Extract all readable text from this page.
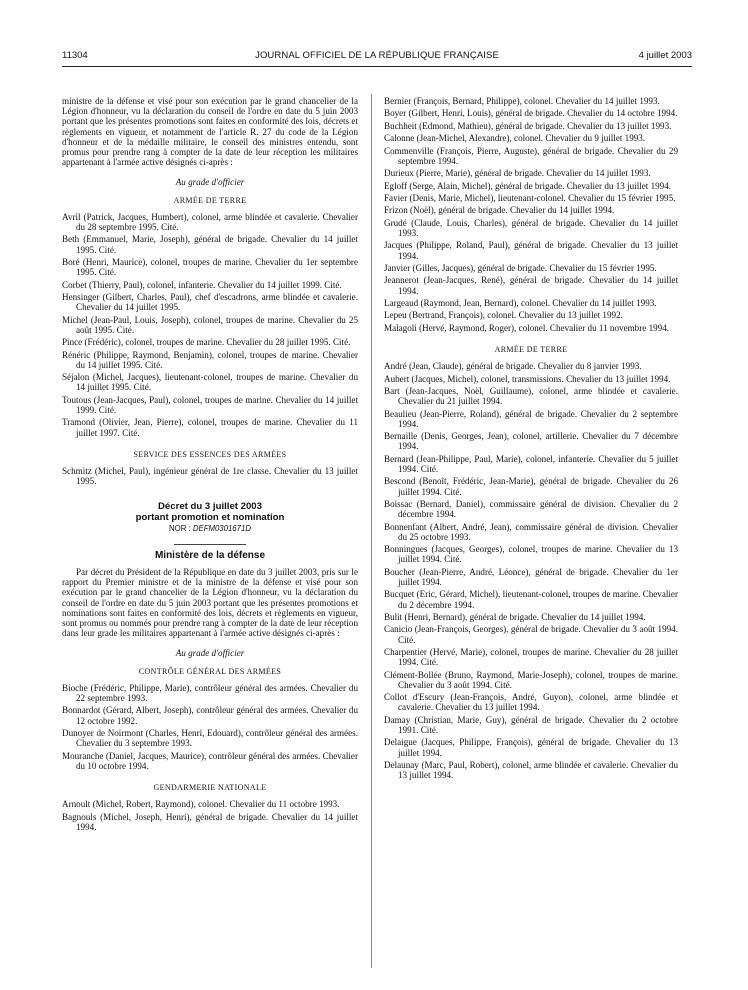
11304	JOURNAL OFFICIEL DE LA RÉPUBLIQUE FRANÇAISE	4 juillet 2003

ministre de la défense et visé pour son exécution par le grand chancelier de la Légion d'honneur, vu la déclaration du conseil de l'ordre en date du 5 juin 2003 portant que les présentes promotions sont faites en conformité des lois, décrets et règlements en vigueur, et notamment de l'article R. 27 du code de la Légion d'honneur et de la médaille militaire, le conseil des ministres entendu, sont promus pour prendre rang à compter de la date de leur réception les militaires appartenant à l'armée active désignés ci-après :

Au grade d'officier

ARMÉE DE TERRE

Avril (Patrick, Jacques, Humbert), colonel, arme blindée et cavalerie. Chevalier du 28 septembre 1995. Cité.

Beth (Emmanuel, Marie, Joseph), général de brigade. Chevalier du 14 juillet 1995. Cité.

Boré (Henri, Maurice), colonel, troupes de marine. Chevalier du 1er septembre 1995. Cité.

Corbet (Thierry, Paul), colonel, infanterie. Chevalier du 14 juillet 1999. Cité.

Hensinger (Gilbert, Charles, Paul), chef d'escadrons, arme blindée et cavalerie. Chevalier du 14 juillet 1995.

Michel (Jean-Paul, Louis, Joseph), colonel, troupes de marine. Chevalier du 25 août 1995. Cité.

Pince (Frédéric), colonel, troupes de marine. Chevalier du 28 juillet 1995. Cité.

Rénéric (Philippe, Raymond, Benjamin), colonel, troupes de marine. Chevalier du 14 juillet 1995. Cité.

Séjalon (Michel, Jacques), lieutenant-colonel, troupes de marine. Chevalier du 14 juillet 1995. Cité.

Toutous (Jean-Jacques, Paul), colonel, troupes de marine. Chevalier du 14 juillet 1999. Cité.

Tramond (Olivier, Jean, Pierre), colonel, troupes de marine. Chevalier du 11 juillet 1997. Cité.

SERVICE DES ESSENCES DES ARMÉES

Schmitz (Michel, Paul), ingénieur général de 1re classe. Chevalier du 13 juillet 1995.

Décret du 3 juillet 2003
portant promotion et nomination

NOR : DEFM0301671D

Ministère de la défense

Par décret du Président de la République en date du 3 juillet 2003, pris sur le rapport du Premier ministre et de la ministre de la défense et visé pour son exécution par le grand chancelier de la Légion d'honneur, vu la déclaration du conseil de l'ordre en date du 5 juin 2003 portant que les présentes promotions et nominations sont faites en conformité des lois, décrets et règlements en vigueur, sont promus ou nommés pour prendre rang à compter de la date de leur réception dans leur grade les militaires appartenant à l'armée active désignés ci-après :

Au grade d'officier

CONTRÔLE GÉNÉRAL DES ARMÉES

Bioche (Frédéric, Philippe, Marie), contrôleur général des armées. Chevalier du 22 septembre 1993.

Bonnardot (Gérard, Albert, Joseph), contrôleur général des armées. Chevalier du 12 octobre 1992.

Dunoyer de Noirmont (Charles, Henri, Edouard), contrôleur général des armées. Chevalier du 3 septembre 1993.

Mouranche (Daniel, Jacques, Maurice), contrôleur général des armées. Chevalier du 10 octobre 1994.

GENDARMERIE NATIONALE

Arnoult (Michel, Robert, Raymond), colonel. Chevalier du 11 octobre 1993.

Bagnouls (Michel, Joseph, Henri), général de brigade. Chevalier du 14 juillet 1994.

Bernier (François, Bernard, Philippe), colonel. Chevalier du 14 juillet 1993.

Boyer (Gilbert, Henri, Louis), général de brigade. Chevalier du 14 octobre 1994.

Buchheit (Edmond, Mathieu), général de brigade. Chevalier du 13 juillet 1993.

Calonne (Jean-Michel, Alexandre), colonel. Chevalier du 9 juillet 1993.

Commenville (François, Pierre, Auguste), général de brigade. Chevalier du 29 septembre 1994.

Durieux (Pierre, Marie), général de brigade. Chevalier du 14 juillet 1993.

Egloff (Serge, Alain, Michel), général de brigade. Chevalier du 13 juillet 1994.

Favier (Denis, Marie, Michel), lieutenant-colonel. Chevalier du 15 février 1995.

Frizon (Noël), général de brigade. Chevalier du 14 juillet 1994.

Grudé (Claude, Louis, Charles), général de brigade. Chevalier du 14 juillet 1993.

Jacques (Philippe, Roland, Paul), général de brigade. Chevalier du 13 juillet 1994.

Janvier (Gilles, Jacques), général de brigade. Chevalier du 15 février 1995.

Jeannerot (Jean-Jacques, René), général de brigade. Chevalier du 14 juillet 1994.

Largeaud (Raymond, Jean, Bernard), colonel. Chevalier du 14 juillet 1993.

Lepeu (Bertrand, François), colonel. Chevalier du 13 juillet 1992.

Malagoli (Hervé, Raymond, Roger), colonel. Chevalier du 11 novembre 1994.

ARMÉE DE TERRE

André (Jean, Claude), général de brigade. Chevalier du 8 janvier 1993.

Aubert (Jacques, Michel), colonel, transmissions. Chevalier du 13 juillet 1994.

Bart (Jean-Jacques, Noël, Guillaume), colonel, arme blindée et cavalerie. Chevalier du 21 juillet 1994.

Beaulieu (Jean-Pierre, Roland), général de brigade. Chevalier du 2 septembre 1994.

Bernaille (Denis, Georges, Jean), colonel, artillerie. Chevalier du 7 décembre 1994.

Bernard (Jean-Philippe, Paul, Marie), colonel, infanterie. Chevalier du 5 juillet 1994. Cité.

Bescond (Benoît, Frédéric, Jean-Marie), général de brigade. Chevalier du 26 juillet 1994. Cité.

Boissac (Bernard, Daniel), commissaire général de division. Chevalier du 2 décembre 1994.

Bonnenfant (Albert, André, Jean), commissaire général de division. Chevalier du 25 octobre 1993.

Bonningues (Jacques, Georges), colonel, troupes de marine. Chevalier du 13 juillet 1994. Cité.

Boucher (Jean-Pierre, André, Léonce), général de brigade. Chevalier du 1er juillet 1994.

Bucquet (Eric, Gérard, Michel), lieutenant-colonel, troupes de marine. Chevalier du 2 décembre 1994.

Bulit (Henri, Bernard), général de brigade. Chevalier du 14 juillet 1994.

Canicio (Jean-François, Georges), général de brigade. Chevalier du 3 août 1994. Cité.

Charpentier (Hervé, Marie), colonel, troupes de marine. Chevalier du 28 juillet 1994. Cité.

Clément-Bollée (Bruno, Raymond, Marie-Joseph), colonel, troupes de marine. Chevalier du 3 août 1994. Cité.

Collot d'Escury (Jean-François, André, Guyon), colonel, arme blindée et cavalerie. Chevalier du 13 juillet 1994.

Damay (Christian, Marie, Guy), général de brigade. Chevalier du 2 octobre 1991. Cité.

Delaigue (Jacques, Philippe, François), général de brigade. Chevalier du 13 juillet 1994.

Delaunay (Marc, Paul, Robert), colonel, arme blindée et cavalerie. Chevalier du 13 juillet 1994.
